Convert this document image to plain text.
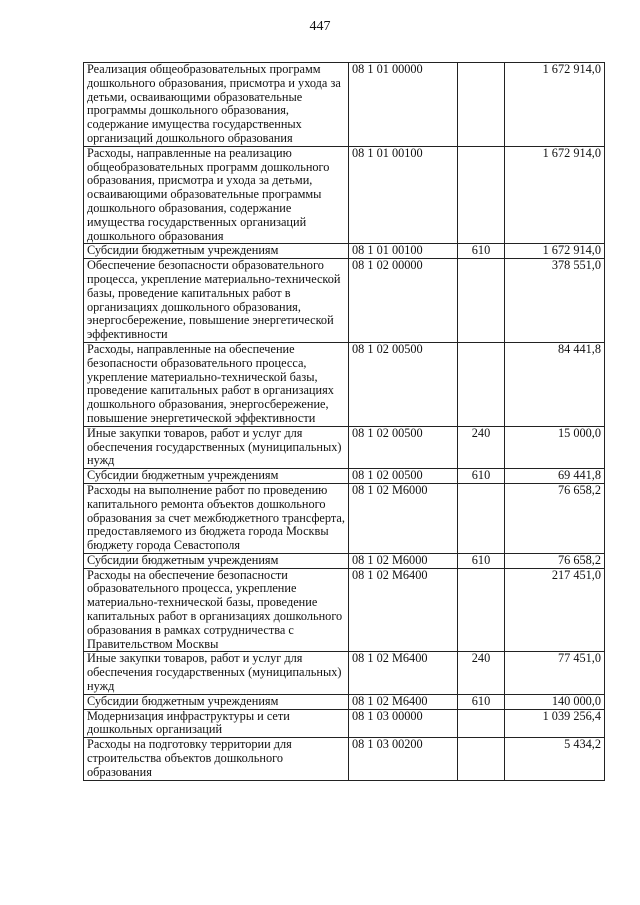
447
Реализация общеобразовательных программ дошкольного образования, присмотра и ухода за детьми, осваивающими образовательные программы дошкольного образования, содержание имущества государственных организаций дошкольного образования	08 1 01 00000		1 672 914,0
Расходы, направленные на реализацию общеобразовательных программ дошкольного образования, присмотра и ухода за детьми, осваивающими образовательные программы дошкольного образования, содержание имущества государственных организаций дошкольного образования	08 1 01 00100		1 672 914,0
Субсидии бюджетным учреждениям	08 1 01 00100	610	1 672 914,0
Обеспечение безопасности образовательного процесса, укрепление материально-технической базы, проведение капитальных работ в организациях дошкольного образования, энергосбережение, повышение энергетической эффективности	08 1 02 00000		378 551,0
Расходы, направленные на обеспечение безопасности образовательного процесса, укрепление материально-технической базы, проведение капитальных работ в организациях дошкольного образования, энергосбережение, повышение энергетической эффективности	08 1 02 00500		84 441,8
Иные закупки товаров, работ и услуг для обеспечения государственных (муниципальных) нужд	08 1 02 00500	240	15 000,0
Субсидии бюджетным учреждениям	08 1 02 00500	610	69 441,8
Расходы на выполнение работ по проведению капитального ремонта объектов дошкольного образования за счет межбюджетного трансферта, предоставляемого из бюджета города Москвы бюджету города Севастополя	08 1 02 М6000		76 658,2
Субсидии бюджетным учреждениям	08 1 02 М6000	610	76 658,2
Расходы на обеспечение безопасности образовательного процесса, укрепление материально-технической базы, проведение капитальных работ в организациях дошкольного образования в рамках сотрудничества с Правительством Москвы	08 1 02 М6400		217 451,0
Иные закупки товаров, работ и услуг для обеспечения государственных (муниципальных) нужд	08 1 02 М6400	240	77 451,0
Субсидии бюджетным учреждениям	08 1 02 М6400	610	140 000,0
Модернизация инфраструктуры и сети дошкольных организаций	08 1 03 00000		1 039 256,4
Расходы на подготовку территории для строительства объектов дошкольного образования	08 1 03 00200		5 434,2
